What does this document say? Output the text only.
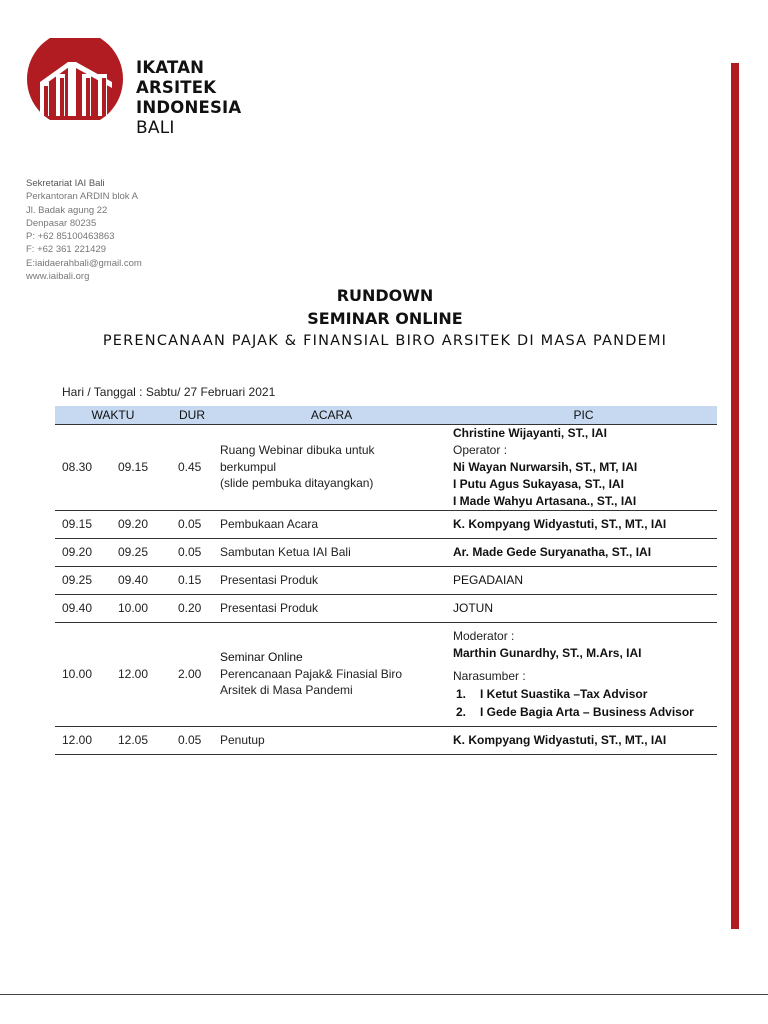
IKATAN
ARSITEK
INDONESIA
BALI
Sekretariat IAI Bali
Perkantoran ARDIN blok A
Jl. Badak agung 22
Denpasar 80235
P: +62 85100463863
F: +62 361 221429
E:iaidaerahbali@gmail.com
www.iaibali.org
RUNDOWN
SEMINAR ONLINE
PERENCANAAN PAJAK & FINANSIAL BIRO ARSITEK DI MASA PANDEMI
Hari / Tanggal : Sabtu/ 27 Februari 2021
WAKTU		DUR	ACARA	PIC
08.30	09.15	0.45	Ruang Webinar dibuka untuk
berkumpul
(slide pembuka ditayangkan)	Christine Wijayanti, ST., IAI
Operator :
Ni Wayan Nurwarsih, ST., MT, IAI
I Putu Agus Sukayasa, ST., IAI
I Made Wahyu Artasana., ST., IAI

09.15	09.20	0.05	Pembukaan Acara	K. Kompyang Widyastuti, ST., MT., IAI
09.20	09.25	0.05	Sambutan Ketua IAI Bali	Ar. Made Gede Suryanatha, ST., IAI
09.25	09.40	0.15	Presentasi Produk	PEGADAIAN
09.40	10.00	0.20	Presentasi Produk	JOTUN
10.00	12.00	2.00	Seminar Online
Perencanaan Pajak& Finasial Biro
Arsitek di Masa Pandemi	Moderator :
Marthin Gunardhy, ST., M.Ars, IAI
Narasumber :
1. I Ketut Suastika –Tax Advisor
2. I Gede Bagia Arta – Business Advisor

12.00	12.05	0.05	Penutup	K. Kompyang Widyastuti, ST., MT., IAI
